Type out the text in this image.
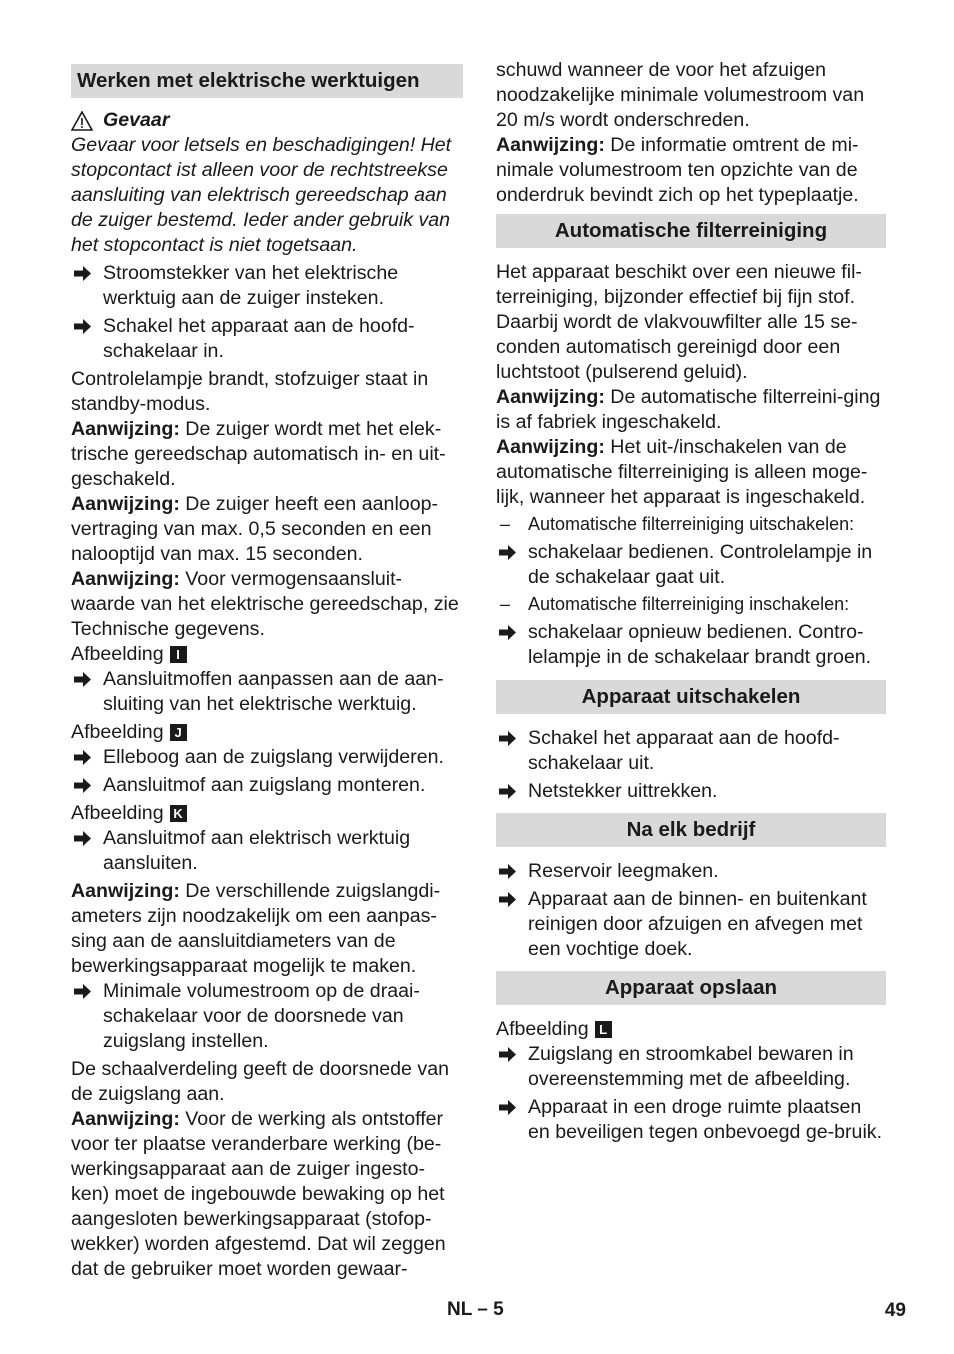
Werken met elektrische werktuigen
Gevaar

Gevaar voor letsels en beschadigingen! Het stopcontact ist alleen voor de rechtstreekse aansluiting van elektrisch gereedschap aan de zuiger bestemd. Ieder ander gebruik van het stopcontact is niet togetsaan.

Stroomstekker van het elektrische werktuig aan de zuiger insteken.
Schakel het apparaat aan de hoofd-schakelaar in.

Controlelampje brandt, stofzuiger staat in standby-modus.

Aanwijzing: De zuiger wordt met het elek-trische gereedschap automatisch in- en uit-geschakeld.

Aanwijzing: De zuiger heeft een aanloop-vertraging van max. 0,5 seconden en een nalooptijd van max. 15 seconden.

Aanwijzing: Voor vermogensaansluit-waarde van het elektrische gereedschap, zie Technische gegevens.

Afbeelding I

Aansluitmoffen aanpassen aan de aan-sluiting van het elektrische werktuig.

Afbeelding J

Elleboog aan de zuigslang verwijderen.
Aansluitmof aan zuigslang monteren.

Afbeelding K

Aansluitmof aan elektrisch werktuig aansluiten.

Aanwijzing: De verschillende zuigslangdi-ameters zijn noodzakelijk om een aanpas-sing aan de aansluitdiameters van de bewerkingsapparaat mogelijk te maken.

Minimale volumestroom op de draai-schakelaar voor de doorsnede van zuigslang instellen.

De schaalverdeling geeft de doorsnede van de zuigslang aan.

Aanwijzing: Voor de werking als ontstoffer voor ter plaatse veranderbare werking (be-werkingsapparaat aan de zuiger ingesto-ken) moet de ingebouwde bewaking op het aangesloten bewerkingsapparaat (stofop-wekker) worden afgestemd. Dat wil zeggen dat de gebruiker moet worden gewaar-

schuwd wanneer de voor het afzuigen noodzakelijke minimale volumestroom van 20 m/s wordt onderschreden.

Aanwijzing: De informatie omtrent de mi-nimale volumestroom ten opzichte van de onderdruk bevindt zich op het typeplaatje.

Automatische filterreiniging

Het apparaat beschikt over een nieuwe fil-terreiniging, bijzonder effectief bij fijn stof. Daarbij wordt de vlakvouwfilter alle 15 se-conden automatisch gereinigd door een luchtstoot (pulserend geluid).

Aanwijzing: De automatische filterreini-ging is af fabriek ingeschakeld.

Aanwijzing: Het uit-/inschakelen van de automatische filterreiniging is alleen moge-lijk, wanneer het apparaat is ingeschakeld.

– Automatische filterreiniging uitschakelen:
schakelaar bedienen. Controlelampje in de schakelaar gaat uit.
– Automatische filterreiniging inschakelen:
schakelaar opnieuw bedienen. Contro-lelampje in de schakelaar brandt groen.
Apparaat uitschakelen
Schakel het apparaat aan de hoofd-schakelaar uit.
Netstekker uittrekken.
Na elk bedrijf
Reservoir leegmaken.
Apparaat aan de binnen- en buitenkant reinigen door afzuigen en afvegen met een vochtige doek.
Apparaat opslaan

Afbeelding L

Zuigslang en stroomkabel bewaren in overeenstemming met de afbeelding.
Apparaat in een droge ruimte plaatsen en beveiligen tegen onbevoegd ge-bruik.
NL – 5	49
